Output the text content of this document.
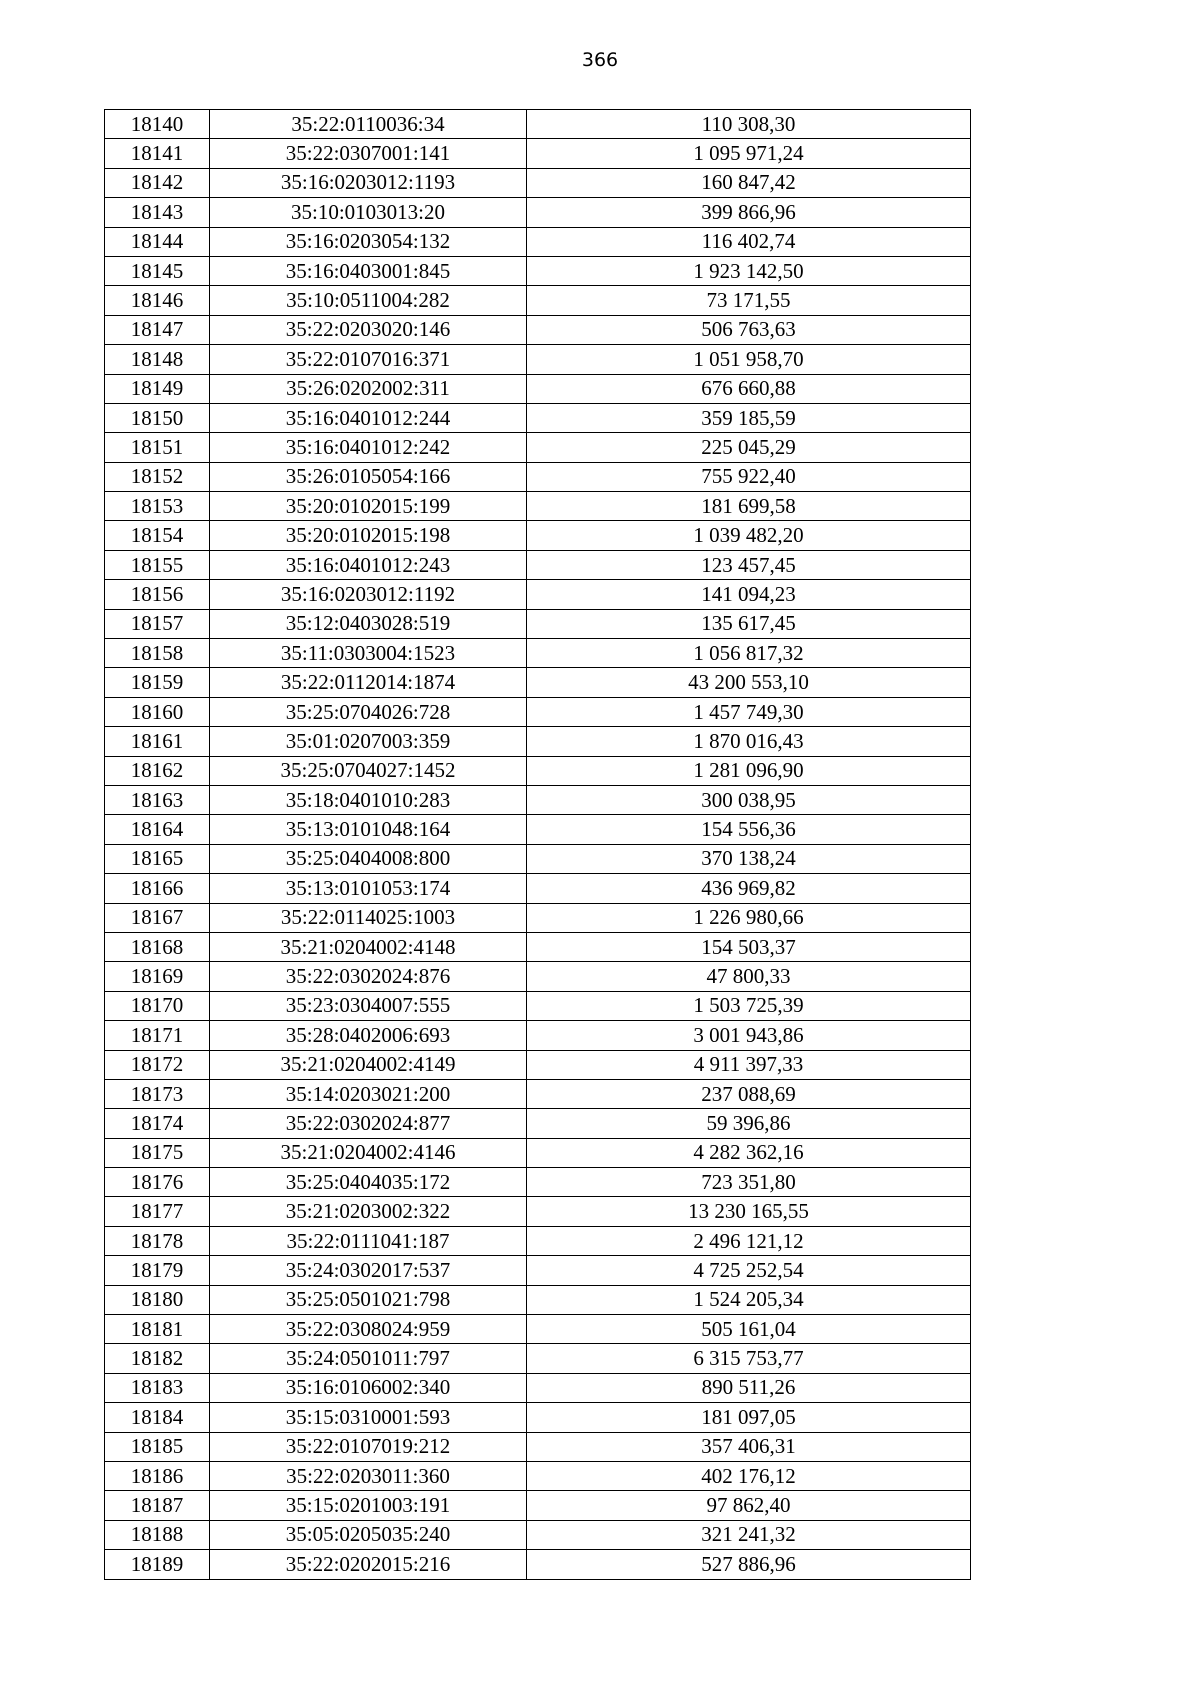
366
18140	35:22:0110036:34	110 308,30
18141	35:22:0307001:141	1 095 971,24
18142	35:16:0203012:1193	160 847,42
18143	35:10:0103013:20	399 866,96
18144	35:16:0203054:132	116 402,74
18145	35:16:0403001:845	1 923 142,50
18146	35:10:0511004:282	73 171,55
18147	35:22:0203020:146	506 763,63
18148	35:22:0107016:371	1 051 958,70
18149	35:26:0202002:311	676 660,88
18150	35:16:0401012:244	359 185,59
18151	35:16:0401012:242	225 045,29
18152	35:26:0105054:166	755 922,40
18153	35:20:0102015:199	181 699,58
18154	35:20:0102015:198	1 039 482,20
18155	35:16:0401012:243	123 457,45
18156	35:16:0203012:1192	141 094,23
18157	35:12:0403028:519	135 617,45
18158	35:11:0303004:1523	1 056 817,32
18159	35:22:0112014:1874	43 200 553,10
18160	35:25:0704026:728	1 457 749,30
18161	35:01:0207003:359	1 870 016,43
18162	35:25:0704027:1452	1 281 096,90
18163	35:18:0401010:283	300 038,95
18164	35:13:0101048:164	154 556,36
18165	35:25:0404008:800	370 138,24
18166	35:13:0101053:174	436 969,82
18167	35:22:0114025:1003	1 226 980,66
18168	35:21:0204002:4148	154 503,37
18169	35:22:0302024:876	47 800,33
18170	35:23:0304007:555	1 503 725,39
18171	35:28:0402006:693	3 001 943,86
18172	35:21:0204002:4149	4 911 397,33
18173	35:14:0203021:200	237 088,69
18174	35:22:0302024:877	59 396,86
18175	35:21:0204002:4146	4 282 362,16
18176	35:25:0404035:172	723 351,80
18177	35:21:0203002:322	13 230 165,55
18178	35:22:0111041:187	2 496 121,12
18179	35:24:0302017:537	4 725 252,54
18180	35:25:0501021:798	1 524 205,34
18181	35:22:0308024:959	505 161,04
18182	35:24:0501011:797	6 315 753,77
18183	35:16:0106002:340	890 511,26
18184	35:15:0310001:593	181 097,05
18185	35:22:0107019:212	357 406,31
18186	35:22:0203011:360	402 176,12
18187	35:15:0201003:191	97 862,40
18188	35:05:0205035:240	321 241,32
18189	35:22:0202015:216	527 886,96
